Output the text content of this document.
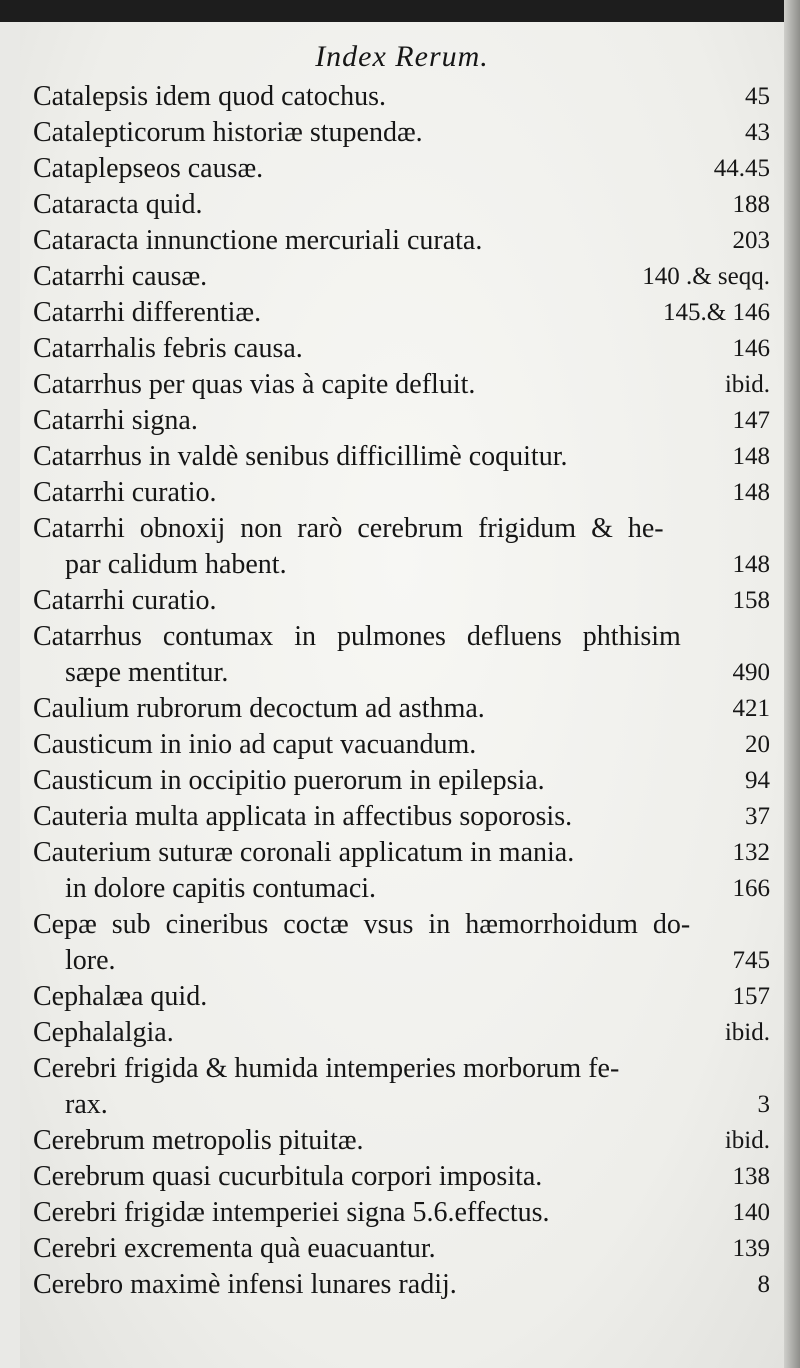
Index Rerum.
Catalepsis idem quod catochus.	45
Catalepticorum historiæ stupendæ.	43
Cataplepseos causæ.	44.45
Cataracta quid.	188
Cataracta innunctione mercuriali curata.	203
Catarrhi causæ.	140 .& seqq.
Catarrhi differentiæ.	145.& 146
Catarrhalis febris causa.	146
Catarrhus per quas vias à capite defluit.	ibid.
Catarrhi signa.	147
Catarrhus in valdè senibus difficillimè coquitur.	148
Catarrhi curatio.	148
Catarrhi obnoxij non rarò cerebrum frigidum & he-
par calidum habent.	148
Catarrhi curatio.	158
Catarrhus contumax in pulmones defluens phthisim
sæpe mentitur.	490
Caulium rubrorum decoctum ad asthma.	421
Causticum in inio ad caput vacuandum.	20
Causticum in occipitio puerorum in epilepsia.	94
Cauteria multa applicata in affectibus soporosis.	37
Cauterium suturæ coronali applicatum in mania.	132
in dolore capitis contumaci.	166
Cepæ sub cineribus coctæ vsus in hæmorrhoidum do-
lore.	745
Cephalæa quid.	157
Cephalalgia.	ibid.
Cerebri frigida & humida intemperies morborum fe-
rax.	3
Cerebrum metropolis pituitæ.	ibid.
Cerebrum quasi cucurbitula corpori imposita.	138
Cerebri frigidæ intemperiei signa 5.6.effectus.	140
Cerebri excrementa quà euacuantur.	139
Cerebro maximè infensi lunares radij.	8
